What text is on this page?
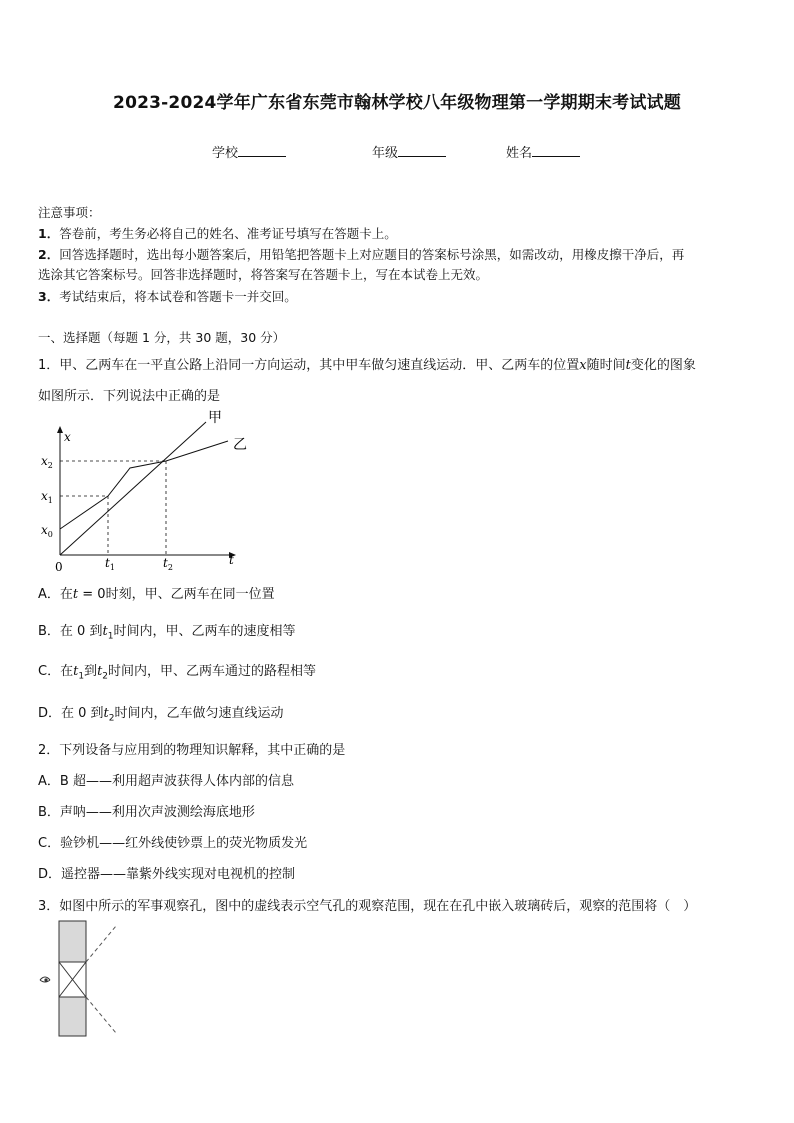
2023-2024学年广东省东莞市翰林学校八年级物理第一学期期末考试试题
学校	年级	姓名
注意事项：
1．答卷前，考生务必将自己的姓名、准考证号填写在答题卡上。
2．回答选择题时，选出每小题答案后，用铅笔把答题卡上对应题目的答案标号涂黑，如需改动，用橡皮擦干净后，再
选涂其它答案标号。回答非选择题时，将答案写在答题卡上，写在本试卷上无效。
3．考试结束后，将本试卷和答题卡一并交回。
一、选择题（每题 1 分，共 30 题，30 分）
1．甲、乙两车在一平直公路上沿同一方向运动，其中甲车做匀速直线运动．甲、乙两车的位置x随时间t变化的图象
如图所示．下列说法中正确的是
甲
乙
x
t
0
$x_2$
$x_1$
$x_0$
$t_1$	$t_2$
A．在t = 0时刻，甲、乙两车在同一位置
B．在 0 到$t_1$时间内，甲、乙两车的速度相等
C．在$t_1$到$t_2$时间内，甲、乙两车通过的路程相等
D．在 0 到$t_2$时间内，乙车做匀速直线运动
2．下列设备与应用到的物理知识解释，其中正确的是
A．B 超——利用超声波获得人体内部的信息
B．声呐——利用次声波测绘海底地形
C．验钞机——红外线使钞票上的荧光物质发光
D．遥控器——靠紫外线实现对电视机的控制
3．如图中所示的军事观察孔，图中的虚线表示空气孔的观察范围，现在在孔中嵌入玻璃砖后，观察的范围将（　）
